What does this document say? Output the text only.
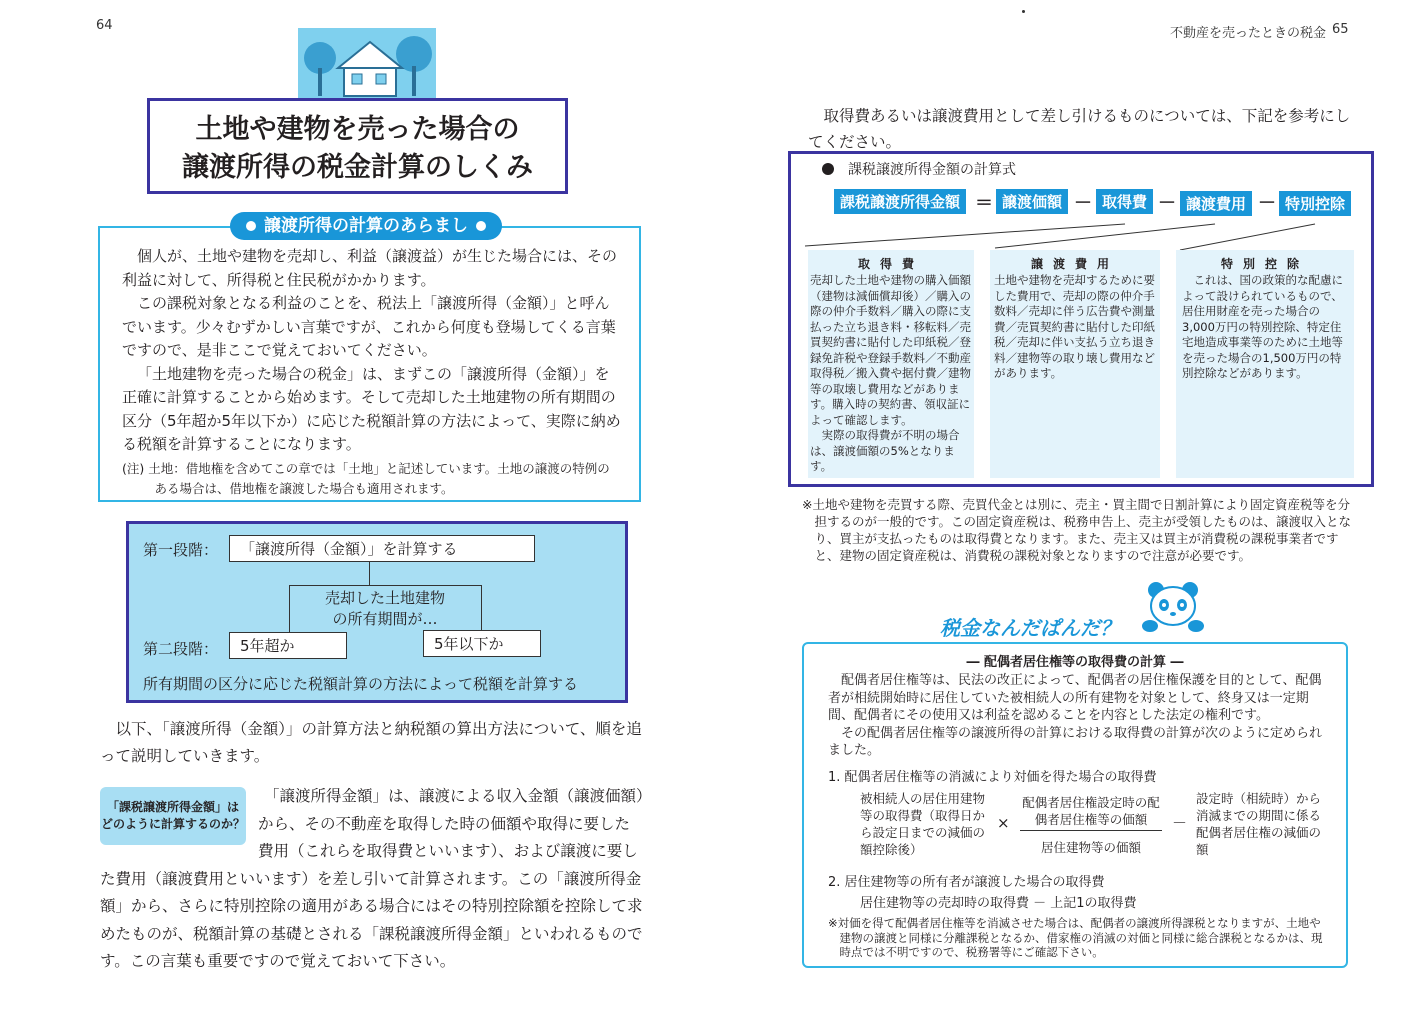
64
土地や建物を売った場合の
譲渡所得の税金計算のしくみ
譲渡所得の計算のあらまし

個人が、土地や建物を売却し、利益（譲渡益）が生じた場合には、その利益に対して、所得税と住民税がかかります。

この課税対象となる利益のことを、税法上「譲渡所得（金額）」と呼んでいます。少々むずかしい言葉ですが、これから何度も登場してくる言葉ですので、是非ここで覚えておいてください。

「土地建物を売った場合の税金」は、まずこの「譲渡所得（金額）」を正確に計算することから始めます。そして売却した土地建物の所有期間の区分（5年超か5年以下か）に応じた税額計算の方法によって、実際に納める税額を計算することになります。

(注) 土地：借地権を含めてこの章では「土地」と記述しています。土地の譲渡の特例のある場合は、借地権を譲渡した場合も適用されます。

第一段階：	「譲渡所得（金額）」を計算する
売却した土地建物
の所有期間が…
第二段階：	5年超か	5年以下か
所有期間の区分に応じた税額計算の方法によって税額を計算する
以下、「譲渡所得（金額）」の計算方法と納税額の算出方法について、順を追って説明していきます。
「課税譲渡所得金額」は
どのように計算するのか？
「譲渡所得金額」は、譲渡による収入金額（譲渡価額）から、その不動産を取得した時の価額や取得に要した費用（これらを取得費といいます）、および譲渡に要した費用（譲渡費用といいます）を差し引いて計算されます。この「譲渡所得金額」から、さらに特別控除の適用がある場合にはその特別控除額を控除して求めたものが、税額計算の基礎とされる「課税譲渡所得金額」といわれるものです。この言葉も重要ですので覚えておいて下さい。
不動産を売ったときの税金 65
取得費あるいは譲渡費用として差し引けるものについては、下記を参考にしてください。
課税譲渡所得金額の計算式
課税譲渡所得金額 ＝ 譲渡価額 － 取得費 － 譲渡費用 － 特別控除
取得費
売却した土地や建物の購入価額（建物は減価償却後）／購入の際の仲介手数料／購入の際に支払った立ち退き料・移転料／売買契約書に貼付した印紙税／登録免許税や登録手数料／不動産取得税／搬入費や据付費／建物等の取壊し費用などがあります。購入時の契約書、領収証によって確認します。
実際の取得費が不明の場合は、譲渡価額の5%となります。
譲渡費用
土地や建物を売却するために要した費用で、売却の際の仲介手数料／売却に伴う広告費や測量費／売買契約書に貼付した印紙税／売却に伴い支払う立ち退き料／建物等の取り壊し費用などがあります。
特別控除
これは、国の政策的な配慮によって設けられているもので、居住用財産を売った場合の3,000万円の特別控除、特定住宅地造成事業等のために土地等を売った場合の1,500万円の特別控除などがあります。
※土地や建物を売買する際、売買代金とは別に、売主・買主間で日割計算により固定資産税等を分担するのが一般的です。この固定資産税は、税務申告上、売主が受領したものは、譲渡収入となり、買主が支払ったものは取得費となります。また、売主又は買主が消費税の課税事業者ですと、建物の固定資産税は、消費税の課税対象となりますので注意が必要です。
税金なんだぱんだ？
― 配偶者居住権等の取得費の計算 ―

配偶者居住権等は、民法の改正によって、配偶者の居住権保護を目的として、配偶者が相続開始時に居住していた被相続人の所有建物を対象として、終身又は一定期間、配偶者にその使用又は利益を認めることを内容とした法定の権利です。

その配偶者居住権等の譲渡所得の計算における取得費の計算が次のように定められました。

1. 配偶者居住権等の消滅により対価を得た場合の取得費
被相続人の居住用建物等の取得費（取得日から設定日までの減価の額控除後）
×
配偶者居住権設定時の配偶者居住権等の価額
居住建物等の価額
－
設定時（相続時）から消滅までの期間に係る配偶者居住権の減価の額
2. 居住建物等の所有者が譲渡した場合の取得費
居住建物等の売却時の取得費 － 上記1の取得費
※対価を得て配偶者居住権等を消滅させた場合は、配偶者の譲渡所得課税となりますが、土地や建物の譲渡と同様に分離課税となるか、借家権の消滅の対価と同様に総合課税となるかは、現時点では不明ですので、税務署等にご確認下さい。
